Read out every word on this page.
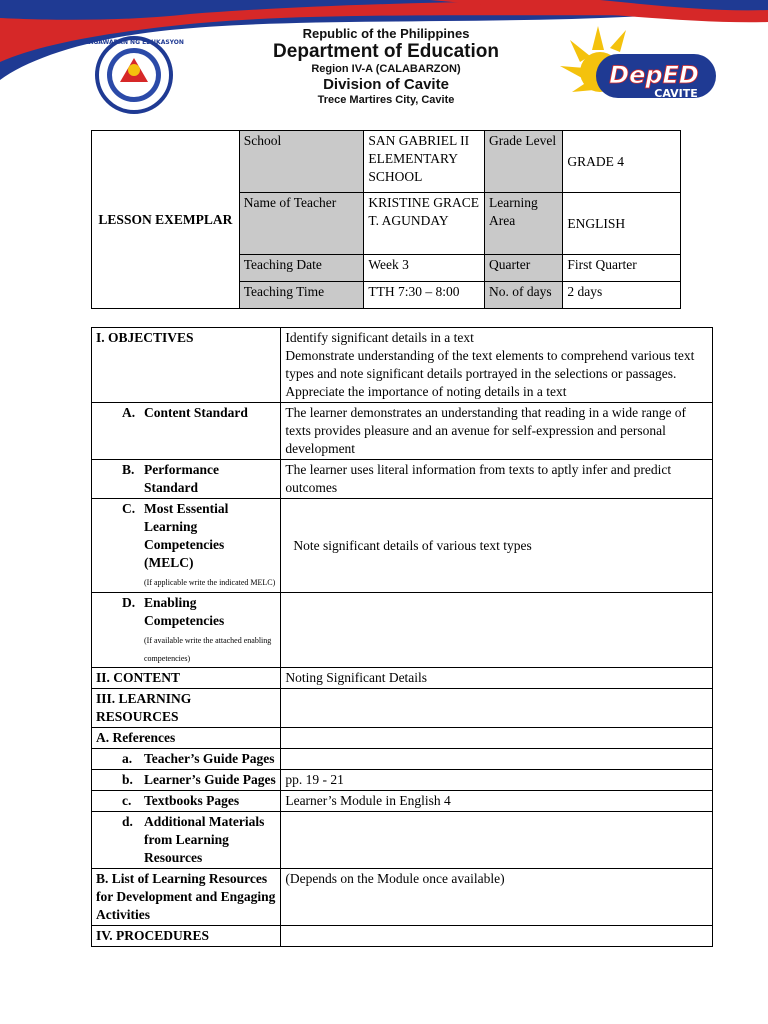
KAGAWARAN NG EDUKASYON
DepED
CAVITE
Republic of the Philippines
Department of Education
Region IV-A (CALABARZON)
Division of Cavite
Trece Martires City, Cavite
LESSON EXEMPLAR	School	SAN GABRIEL II ELEMENTARY SCHOOL	Grade Level	GRADE 4
	Name of Teacher	KRISTINE GRACE T. AGUNDAY	Learning Area	ENGLISH
	Teaching Date	Week 3	Quarter	First Quarter
	Teaching Time	TTH 7:30 – 8:00	No. of days	2 days
I. OBJECTIVES	Identify significant details in a text
Demonstrate understanding of the text elements to comprehend various text types and note significant details portrayed in the selections or passages.
Appreciate the importance of noting details in a text

A. Content Standard	The learner demonstrates an understanding that reading in a wide range of texts provides pleasure and an avenue for self-expression and personal development

B. Performance Standard	The learner uses literal information from texts to aptly infer and predict outcomes

C. Most Essential Learning Competencies (MELC)
(If applicable write the indicated MELC)	Note significant details of various text types

D. Enabling Competencies
(If available write the attached enabling competencies)	

II. CONTENT	Noting Significant Details
III. LEARNING RESOURCES	
A. References	

a. Teacher’s Guide Pages	

b. Learner’s Guide Pages	pp. 19 - 21

c. Textbooks Pages	Learner’s Module in English 4

d. Additional Materials from Learning Resources	

B. List of Learning Resources for Development and Engaging Activities	(Depends on the Module once available)
IV. PROCEDURES	
